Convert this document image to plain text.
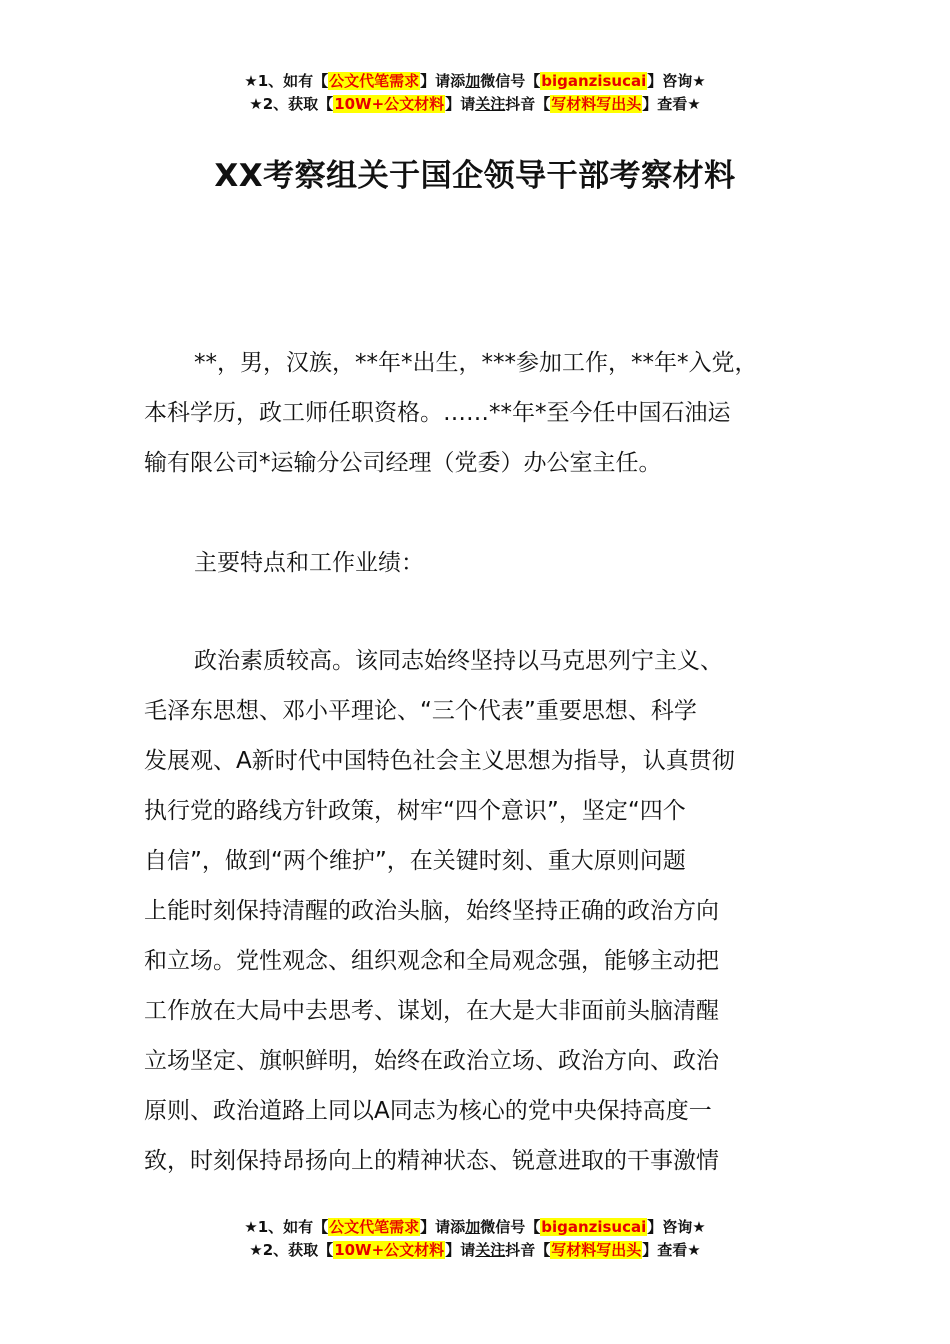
★1、如有【公文代笔需求】请添加微信号【biganzisucai】咨询★
★2、获取【10W+公文材料】请关注抖音【写材料写出头】查看★
XX考察组关于国企领导干部考察材料

**，男，汉族，**年*出生，***参加工作，**年*入党，
本科学历，政工师任职资格。……**年*至今任中国石油运
输有限公司*运输分公司经理（党委）办公室主任。

主要特点和工作业绩：

政治素质较高。该同志始终坚持以马克思列宁主义、
毛泽东思想、邓小平理论、“三个代表”重要思想、科学
发展观、A新时代中国特色社会主义思想为指导，认真贯彻
执行党的路线方针政策，树牢“四个意识”，坚定“四个
自信”，做到“两个维护”，在关键时刻、重大原则问题
上能时刻保持清醒的政治头脑，始终坚持正确的政治方向
和立场。党性观念、组织观念和全局观念强，能够主动把
工作放在大局中去思考、谋划，在大是大非面前头脑清醒
立场坚定、旗帜鲜明，始终在政治立场、政治方向、政治
原则、政治道路上同以A同志为核心的党中央保持高度一
致，时刻保持昂扬向上的精神状态、锐意进取的干事激情

★1、如有【公文代笔需求】请添加微信号【biganzisucai】咨询★
★2、获取【10W+公文材料】请关注抖音【写材料写出头】查看★
